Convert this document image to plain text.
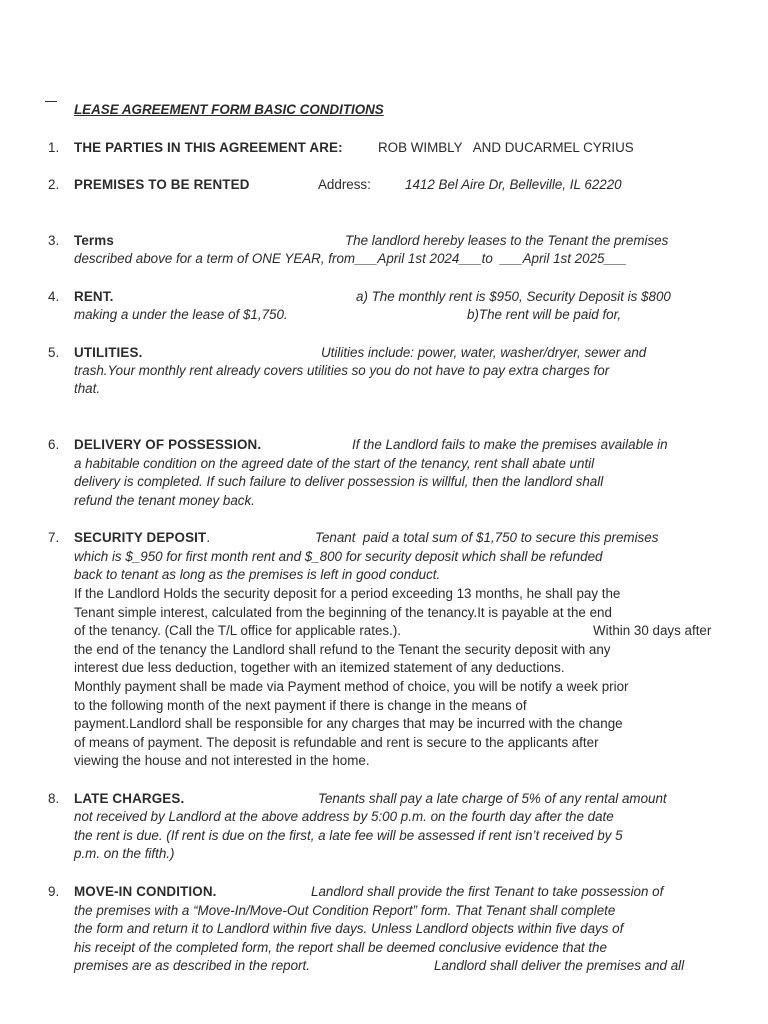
LEASE AGREEMENT FORM BASIC CONDITIONS
1. THE PARTIES IN THIS AGREEMENT ARE:	ROB WIMBLY   AND DUCARMEL CYRIUS
2. PREMISES TO BE RENTED	Address:	1412 Bel Aire Dr, Belleville, IL 62220
3. Terms	The landlord hereby leases to the Tenant the premises
described above for a term of ONE YEAR, from___April 1st 2024___to  ___April 1st 2025___
4. RENT.	a) The monthly rent is $950, Security Deposit is $800
making a under the lease of $1,750.	b)The rent will be paid for,
5. UTILITIES.	Utilities include: power, water, washer/dryer, sewer and
trash.Your monthly rent already covers utilities so you do not have to pay extra charges for
that.
6. DELIVERY OF POSSESSION.	If the Landlord fails to make the premises available in
a habitable condition on the agreed date of the start of the tenancy, rent shall abate until
delivery is completed. If such failure to deliver possession is willful, then the landlord shall
refund the tenant money back.
7. SECURITY DEPOSIT.	Tenant  paid a total sum of $1,750 to secure this premises
which is $_950 for first month rent and $_800 for security deposit which shall be refunded
back to tenant as long as the premises is left in good conduct.
If the Landlord Holds the security deposit for a period exceeding 13 months, he shall pay the
Tenant simple interest, calculated from the beginning of the tenancy.It is payable at the end
of the tenancy. (Call the T/L office for applicable rates.).	Within 30 days after
the end of the tenancy the Landlord shall refund to the Tenant the security deposit with any
interest due less deduction, together with an itemized statement of any deductions.
Monthly payment shall be made via Payment method of choice, you will be notify a week prior
to the following month of the next payment if there is change in the means of
payment.Landlord shall be responsible for any charges that may be incurred with the change
of means of payment. The deposit is refundable and rent is secure to the applicants after
viewing the house and not interested in the home.
8. LATE CHARGES.	Tenants shall pay a late charge of 5% of any rental amount
not received by Landlord at the above address by 5:00 p.m. on the fourth day after the date
the rent is due. (If rent is due on the first, a late fee will be assessed if rent isn’t received by 5
p.m. on the fifth.)
9. MOVE-IN CONDITION.	Landlord shall provide the first Tenant to take possession of
the premises with a “Move-In/Move-Out Condition Report” form. That Tenant shall complete
the form and return it to Landlord within five days. Unless Landlord objects within five days of
his receipt of the completed form, the report shall be deemed conclusive evidence that the
premises are as described in the report.	Landlord shall deliver the premises and all
